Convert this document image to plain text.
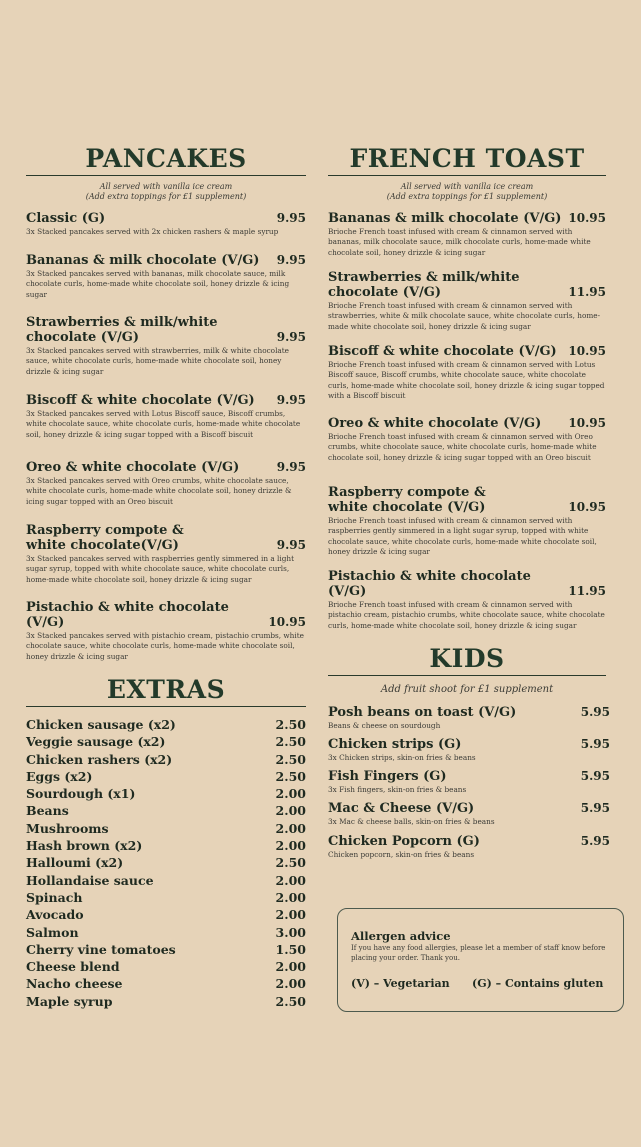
PANCAKES
All served with vanilla ice cream
(Add extra toppings for £1 supplement)
Classic (G)	9.95
3x Stacked pancakes served with 2x chicken rashers & maple syrup
Bananas & milk chocolate (V/G)	9.95
3x Stacked pancakes served with bananas, milk chocolate sauce, milk chocolate curls, home-made white chocolate soil, honey drizzle & icing sugar
Strawberries & milk/white
chocolate (V/G)	9.95
3x Stacked pancakes served with strawberries, milk & white chocolate sauce, white chocolate curls, home-made white chocolate soil, honey drizzle & icing sugar
Biscoff & white chocolate (V/G)	9.95
3x Stacked pancakes served with Lotus Biscoff sauce, Biscoff crumbs, white chocolate sauce, white chocolate curls, home-made white chocolate soil, honey drizzle & icing sugar topped with a Biscoff biscuit
Oreo & white chocolate (V/G)	9.95
3x Stacked pancakes served with Oreo crumbs, white chocolate sauce, white chocolate curls, home-made white chocolate soil, honey drizzle & icing sugar topped with an Oreo biscuit
Raspberry compote &
white chocolate(V/G)	9.95
3x Stacked pancakes served with raspberries gently simmered in a light sugar syrup, topped with white chocolate sauce, white chocolate curls, home-made white chocolate soil, honey drizzle & icing sugar
Pistachio & white chocolate (V/G)	10.95
3x Stacked pancakes served with pistachio cream, pistachio crumbs, white chocolate sauce, white chocolate curls, home-made white chocolate soil, honey drizzle & icing sugar
FRENCH TOAST
All served with vanilla ice cream
(Add extra toppings for £1 supplement)
Bananas & milk chocolate (V/G) 10.95
Brioche French toast infused with cream & cinnamon served with bananas, milk chocolate sauce, milk chocolate curls, home-made white chocolate soil, honey drizzle & icing sugar
Strawberries & milk/white
chocolate (V/G)	11.95
Brioche French toast infused with cream & cinnamon served with strawberries, white & milk chocolate sauce, white chocolate curls, home-made white chocolate soil, honey drizzle & icing sugar
Biscoff & white chocolate (V/G) 10.95
Brioche French toast infused with cream & cinnamon served with Lotus Biscoff sauce, Biscoff crumbs, white chocolate sauce, white chocolate curls, home-made white chocolate soil, honey drizzle & icing sugar topped with a Biscoff biscuit
Oreo & white chocolate (V/G)	10.95
Brioche French toast infused with cream & cinnamon served with Oreo crumbs, white chocolate sauce, white chocolate curls, home-made white chocolate soil, honey drizzle & icing sugar topped with an Oreo biscuit
Raspberry compote &
white chocolate (V/G)	10.95
Brioche French toast infused with cream & cinnamon served with raspberries gently simmered in a light sugar syrup, topped with white chocolate sauce, white chocolate curls, home-made white chocolate soil, honey drizzle & icing sugar
Pistachio & white chocolate (V/G)	11.95
Brioche French toast infused with cream & cinnamon served with pistachio cream, pistachio crumbs, white chocolate sauce, white chocolate curls, home-made white chocolate soil, honey drizzle & icing sugar
EXTRAS
Chicken sausage (x2)	2.50
Veggie sausage (x2)	2.50
Chicken rashers (x2)	2.50
Eggs (x2)	2.50
Sourdough (x1)	2.00
Beans	2.00
Mushrooms	2.00
Hash brown (x2)	2.00
Halloumi (x2)	2.50
Hollandaise sauce	2.00
Spinach	2.00
Avocado	2.00
Salmon	3.00
Cherry vine tomatoes	1.50
Cheese blend	2.00
Nacho cheese	2.00
Maple syrup	2.50
KIDS
Add fruit shoot for £1 supplement
Posh beans on toast (V/G)	5.95
Beans & cheese on sourdough
Chicken strips (G)	5.95
3x Chicken strips, skin-on fries & beans
Fish Fingers (G)	5.95
3x Fish fingers, skin-on fries & beans
Mac & Cheese (V/G)	5.95
3x Mac & cheese balls, skin-on fries & beans
Chicken Popcorn (G)	5.95
Chicken popcorn, skin-on fries & beans
Allergen advice
If you have any food allergies, please let a member of staff know before placing your order. Thank you.
(V) – Vegetarian (G) – Contains gluten
